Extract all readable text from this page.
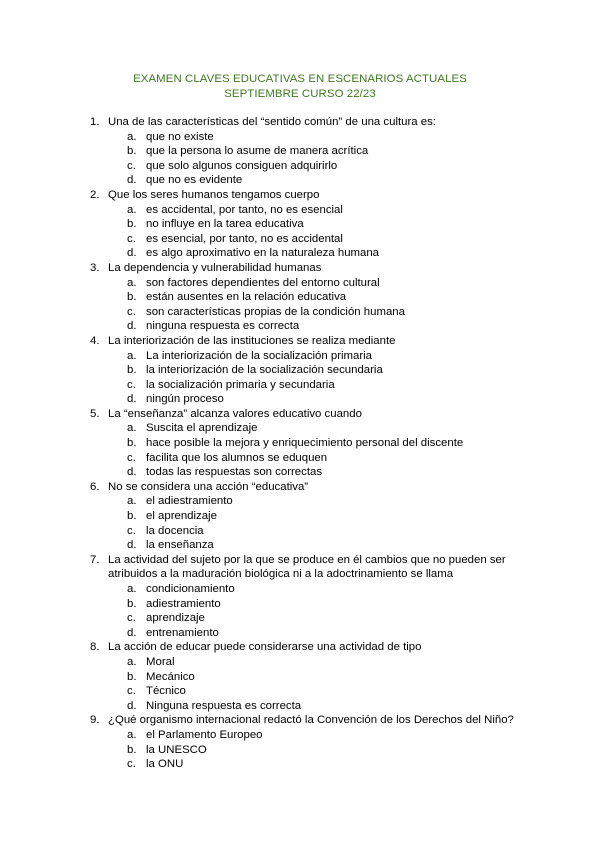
EXAMEN CLAVES EDUCATIVAS EN ESCENARIOS ACTUALES
SEPTIEMBRE CURSO 22/23
1. Una de las características del “sentido común” de una cultura es:
a. que no existe
b. que la persona lo asume de manera acrítica
c. que solo algunos consiguen adquirirlo
d. que no es evidente
2. Que los seres humanos tengamos cuerpo
a. es accidental, por tanto, no es esencial
b. no influye en la tarea educativa
c. es esencial, por tanto, no es accidental
d. es algo aproximativo en la naturaleza humana
3. La dependencia y vulnerabilidad humanas
a. son factores dependientes del entorno cultural
b. están ausentes en la relación educativa
c. son características propias de la condición humana
d. ninguna respuesta es correcta
4. La interiorización de las instituciones se realiza mediante
a. La interiorización de la socialización primaria
b. la interiorización de la socialización secundaria
c. la socialización primaria y secundaria
d. ningún proceso
5. La “enseñanza” alcanza valores educativo cuando
a. Suscita el aprendizaje
b. hace posible la mejora y enriquecimiento personal del discente
c. facilita que los alumnos se eduquen
d. todas las respuestas son correctas
6. No se considera una acción “educativa”
a. el adiestramiento
b. el aprendizaje
c. la docencia
d. la enseñanza
7. La actividad del sujeto por la que se produce en él cambios que no pueden ser atribuidos a la maduración biológica ni a la adoctrinamiento se llama
a. condicionamiento
b. adiestramiento
c. aprendizaje
d. entrenamiento
8. La acción de educar puede considerarse una actividad de tipo
a. Moral
b. Mecánico
c. Técnico
d. Ninguna respuesta es correcta
9. ¿Qué organismo internacional redactó la Convención de los Derechos del Niño?
a. el Parlamento Europeo
b. la UNESCO
c. la ONU
